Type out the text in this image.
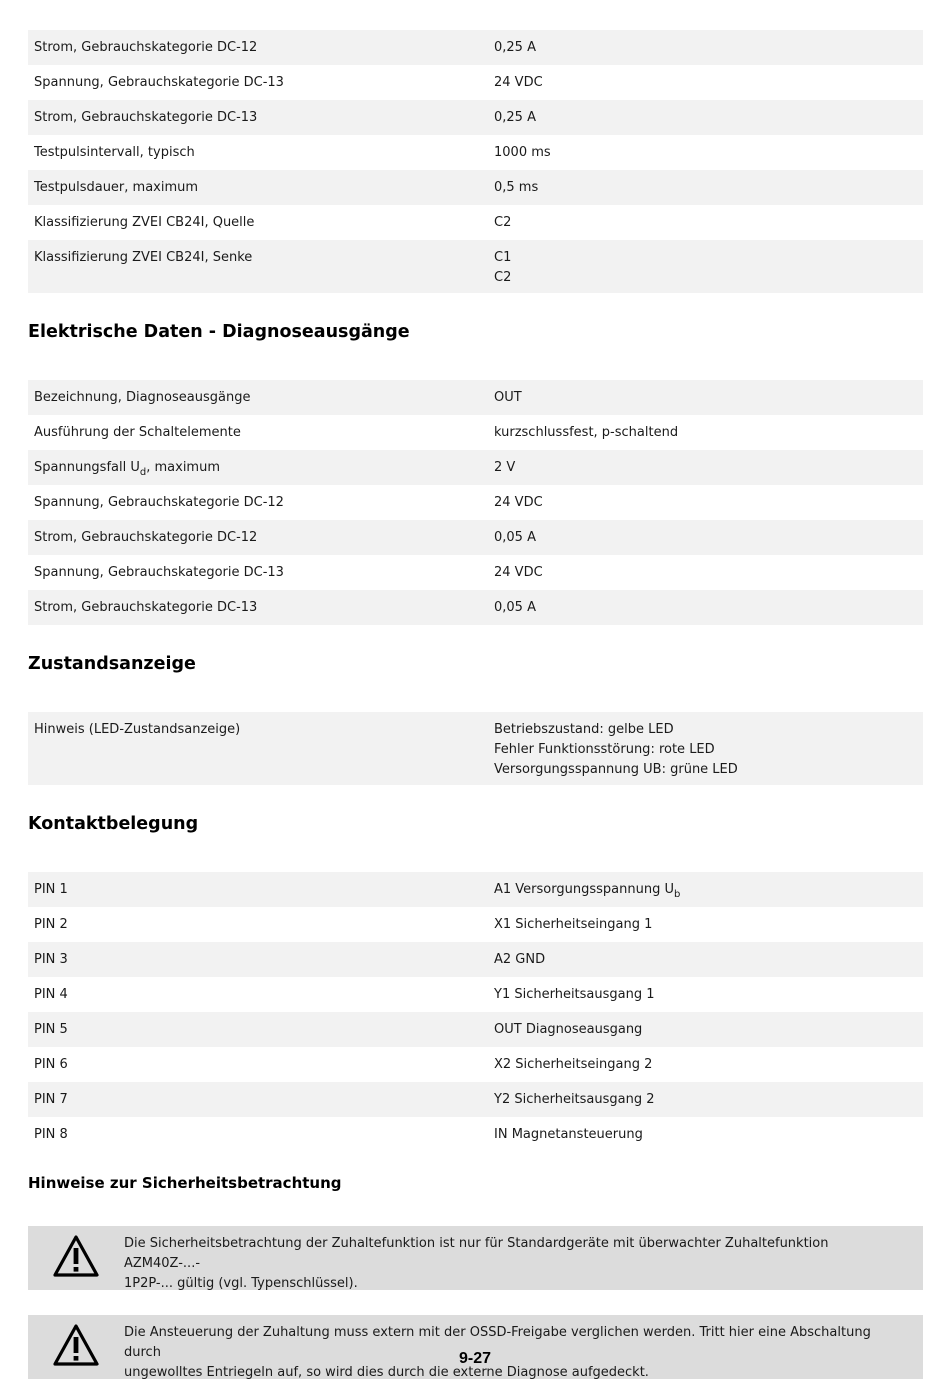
Strom, Gebrauchskategorie DC-12	0,25 A
Spannung, Gebrauchskategorie DC-13	24 VDC
Strom, Gebrauchskategorie DC-13	0,25 A
Testpulsintervall, typisch	1000 ms
Testpulsdauer, maximum	0,5 ms
Klassifizierung ZVEI CB24I, Quelle	C2
Klassifizierung ZVEI CB24I, Senke	C1
C2
Elektrische Daten - Diagnoseausgänge
Bezeichnung, Diagnoseausgänge	OUT
Ausführung der Schaltelemente	kurzschlussfest, p-schaltend
Spannungsfall $U_d$, maximum	2 V
Spannung, Gebrauchskategorie DC-12	24 VDC
Strom, Gebrauchskategorie DC-12	0,05 A
Spannung, Gebrauchskategorie DC-13	24 VDC
Strom, Gebrauchskategorie DC-13	0,05 A
Zustandsanzeige
Hinweis (LED-Zustandsanzeige)	Betriebszustand: gelbe LED
Fehler Funktionsstörung: rote LED
Versorgungsspannung UB: grüne LED
Kontaktbelegung
PIN 1	A1 Versorgungsspannung $U_b$
PIN 2	X1 Sicherheitseingang 1
PIN 3	A2 GND
PIN 4	Y1 Sicherheitsausgang 1
PIN 5	OUT Diagnoseausgang
PIN 6	X2 Sicherheitseingang 2
PIN 7	Y2 Sicherheitsausgang 2
PIN 8	IN Magnetansteuerung
Hinweise zur Sicherheitsbetrachtung
Die Sicherheitsbetrachtung der Zuhaltefunktion ist nur für Standardgeräte mit überwachter Zuhaltefunktion AZM40Z-...-
1P2P-... gültig (vgl. Typenschlüssel).
Die Ansteuerung der Zuhaltung muss extern mit der OSSD-Freigabe verglichen werden. Tritt hier eine Abschaltung durch
ungewolltes Entriegeln auf, so wird dies durch die externe Diagnose aufgedeckt.
9-27
